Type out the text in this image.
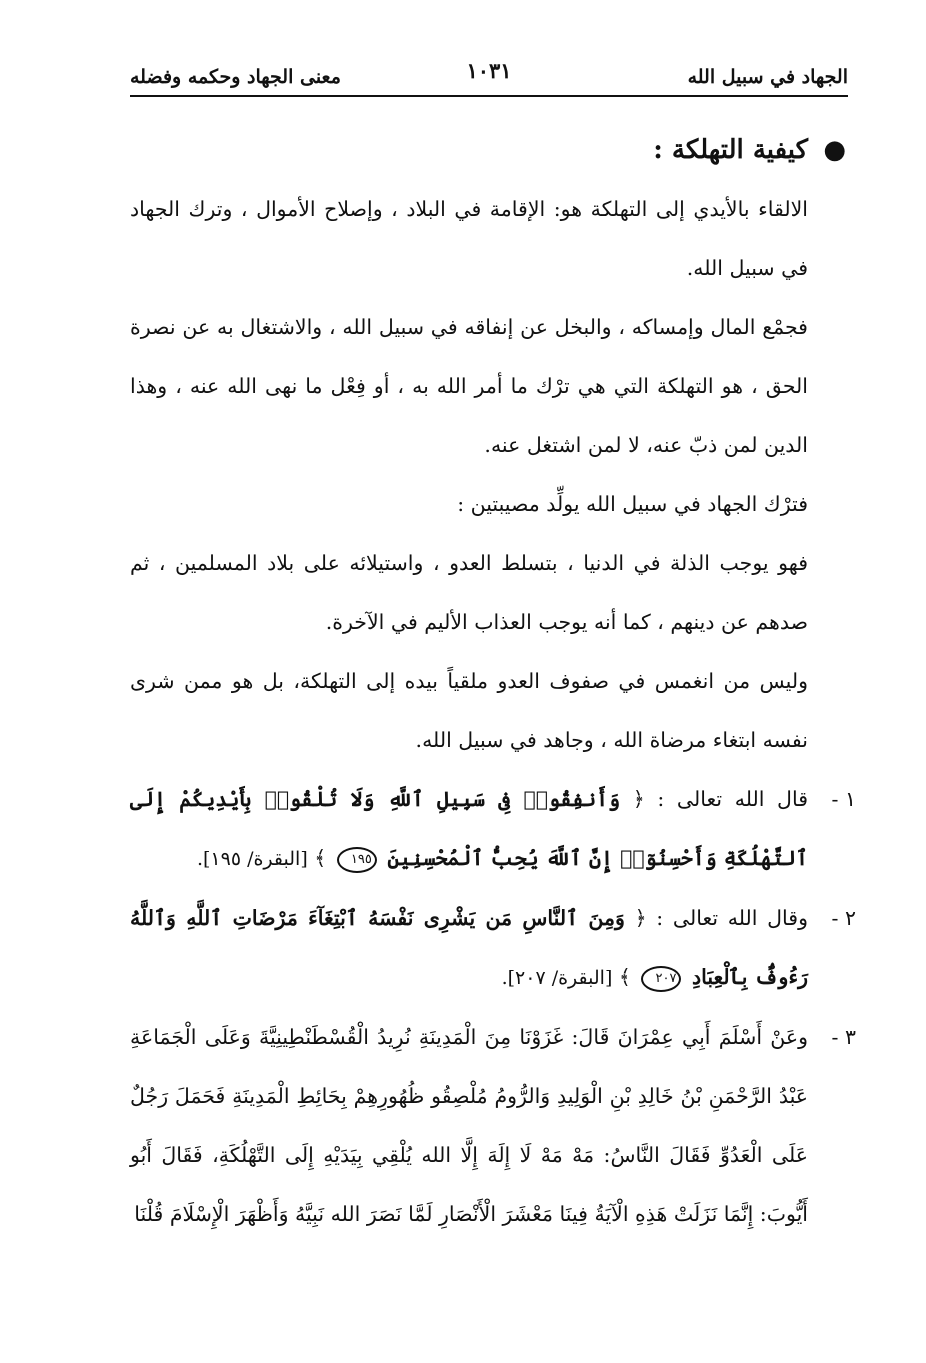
الجهاد في سبيل الله
١٠٣١
معنى الجهاد وحكمه وفضله
●
كيفية التهلكة :

الالقاء بالأيدي إلى التهلكة هو: الإقامة في البلاد ، وإصلاح الأموال ، وترك الجهاد في سبيل الله.

فجمْع المال وإمساكه ، والبخل عن إنفاقه في سبيل الله ، والاشتغال به عن نصرة الحق ، هو التهلكة التي هي ترْك ما أمر الله به ، أو فِعْل ما نهى الله عنه ، وهذا الدين لمن ذبّ عنه، لا لمن اشتغل عنه.

فترْك الجهاد في سبيل الله يولِّد مصيبتين :

فهو يوجب الذلة في الدنيا ، بتسلط العدو ، واستيلائه على بلاد المسلمين ، ثم صدهم عن دينهم ، كما أنه يوجب العذاب الأليم في الآخرة.

وليس من انغمس في صفوف العدو ملقياً بيده إلى التهلكة، بل هو ممن شرى نفسه ابتغاء مرضاة الله ، وجاهد في سبيل الله.

١ -
قال الله تعالى : ﴿ وَأَنفِقُوا۟ فِى سَبِيلِ ٱللَّهِ وَلَا تُلْقُوا۟ بِأَيْدِيكُمْ إِلَى ٱلتَّهْلُكَةِ وَأَحْسِنُوٓا۟ إِنَّ ٱللَّهَ يُحِبُّ ٱلْمُحْسِنِينَ ١٩٥ ﴾ [البقرة/ ١٩٥].

٢ -
وقال الله تعالى : ﴿ وَمِنَ ٱلنَّاسِ مَن يَشْرِى نَفْسَهُ ٱبْتِغَآءَ مَرْضَاتِ ٱللَّهِ وَٱللَّهُ رَءُوفٌۢ بِٱلْعِبَادِ ٢٠٧ ﴾ [البقرة/ ٢٠٧].

٣ -
وعَنْ أَسْلَمَ أَبِي عِمْرَانَ قَالَ: غَزَوْنَا مِنَ الْمَدِينَةِ نُرِيدُ الْقُسْطَنْطِينِيَّةَ وَعَلَى الْجَمَاعَةِ عَبْدُ الرَّحْمَنِ بْنُ خَالِدِ بْنِ الْوَلِيدِ وَالرُّومُ مُلْصِقُو ظُهُورِهِمْ بِحَائِطِ الْمَدِينَةِ فَحَمَلَ رَجُلٌ عَلَى الْعَدُوِّ فَقَالَ النَّاسُ: مَهْ مَهْ لَا إِلَهَ إِلَّا الله يُلْقِي بِيَدَيْهِ إِلَى التَّهْلُكَةِ، فَقَالَ أَبُو أَيُّوبَ: إِنَّمَا نَزَلَتْ هَذِهِ الْآيَةُ فِينَا مَعْشَرَ الْأَنْصَارِ لَمَّا نَصَرَ الله نَبِيَّهُ وَأَظْهَرَ الْإِسْلَامَ قُلْنَا
